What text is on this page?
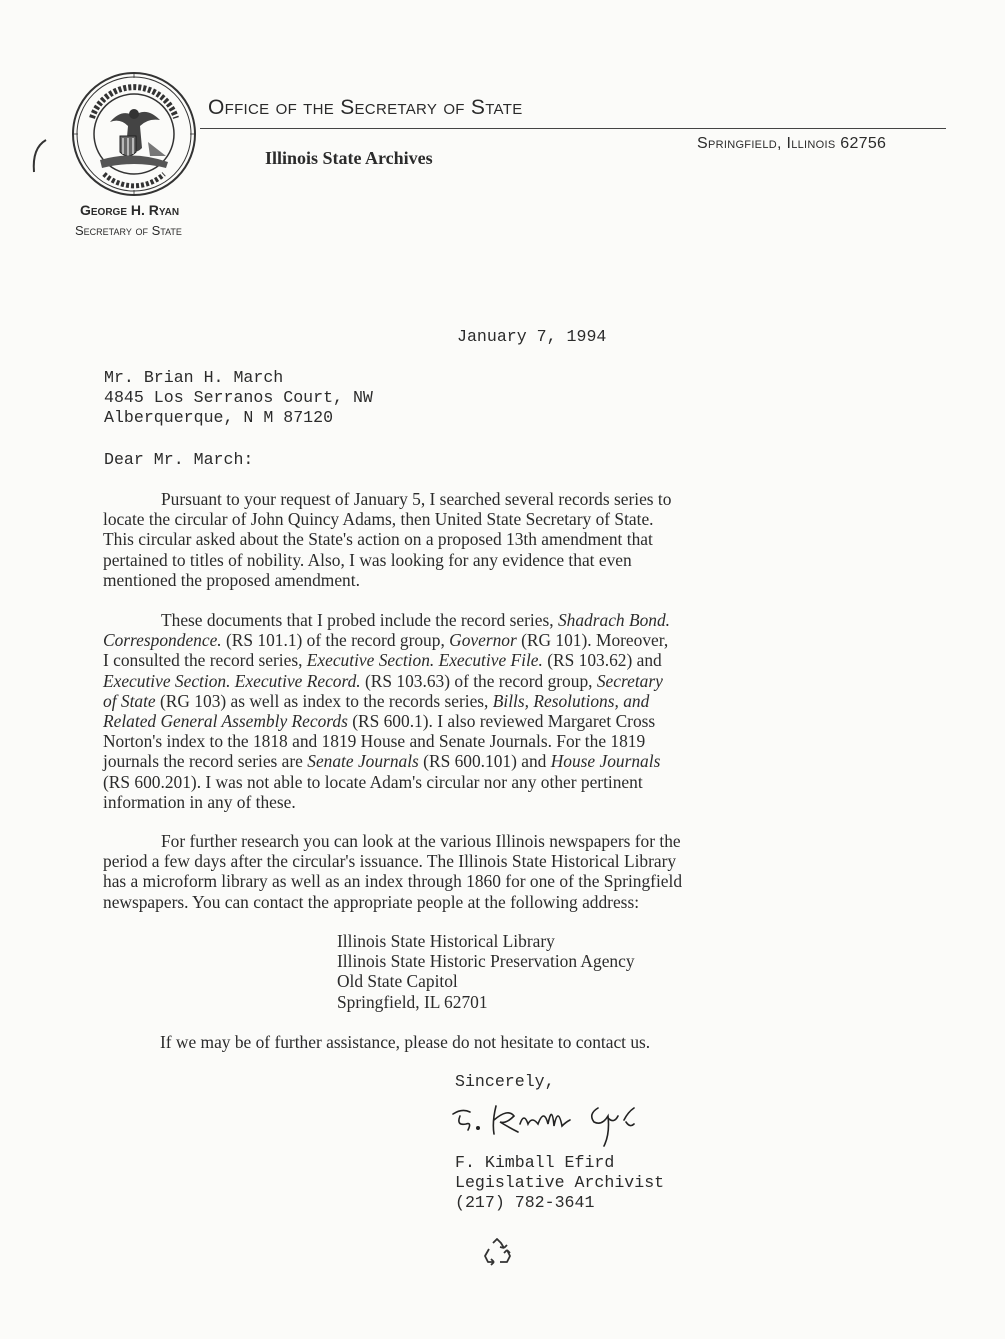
Office of the Secretary of State
Illinois State Archives
Springfield, Illinois 62756
George H. Ryan
Secretary of State
January 7, 1994
Mr. Brian H. March
4845 Los Serranos Court, NW
Alberquerque, N M 87120
Dear Mr. March:
Pursuant to your request of January 5, I searched several records series to
locate the circular of John Quincy Adams, then United State Secretary of State.
This circular asked about the State's action on a proposed 13th amendment that
pertained to titles of nobility. Also, I was looking for any evidence that even
mentioned the proposed amendment.
These documents that I probed include the record series, Shadrach Bond.
Correspondence. (RS 101.1) of the record group, Governor (RG 101). Moreover,
I consulted the record series, Executive Section. Executive File. (RS 103.62) and
Executive Section. Executive Record. (RS 103.63) of the record group, Secretary
of State (RG 103) as well as index to the records series, Bills, Resolutions, and
Related General Assembly Records (RS 600.1). I also reviewed Margaret Cross
Norton's index to the 1818 and 1819 House and Senate Journals. For the 1819
journals the record series are Senate Journals (RS 600.101) and House Journals
(RS 600.201). I was not able to locate Adam's circular nor any other pertinent
information in any of these.
For further research you can look at the various Illinois newspapers for the
period a few days after the circular's issuance. The Illinois State Historical Library
has a microform library as well as an index through 1860 for one of the Springfield
newspapers. You can contact the appropriate people at the following address:
Illinois State Historical Library
Illinois State Historic Preservation Agency
Old State Capitol
Springfield, IL 62701
If we may be of further assistance, please do not hesitate to contact us.
Sincerely,
F. Kimball Efird
Legislative Archivist
(217) 782-3641
